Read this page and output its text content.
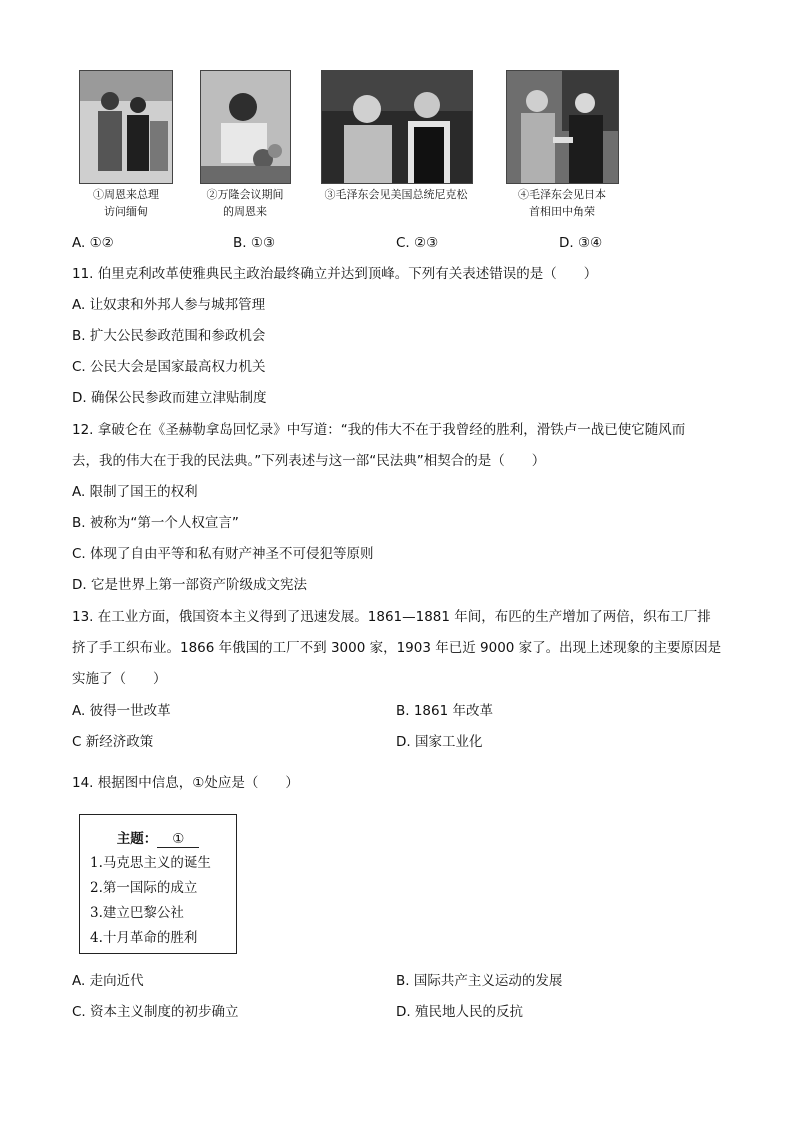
①周恩来总理
访问缅甸
②万隆会议期间
的周恩来
③毛泽东会见美国总统尼克松	④毛泽东会见日本
首相田中角荣
A. ①②	B. ①③	C. ②③	D. ③④
11. 伯里克利改革使雅典民主政治最终确立并达到顶峰。下列有关表述错误的是（　　）
A. 让奴隶和外邦人参与城邦管理
B. 扩大公民参政范围和参政机会
C. 公民大会是国家最高权力机关
D. 确保公民参政而建立津贴制度
12. 拿破仑在《圣赫勒拿岛回忆录》中写道：“我的伟大不在于我曾经的胜利，滑铁卢一战已使它随风而
去，我的伟大在于我的民法典。”下列表述与这一部“民法典”相契合的是（　　）
A. 限制了国王的权利
B. 被称为“第一个人权宣言”
C. 体现了自由平等和私有财产神圣不可侵犯等原则
D. 它是世界上第一部资产阶级成文宪法
13. 在工业方面，俄国资本主义得到了迅速发展。1861—1881 年间，布匹的生产增加了两倍，织布工厂排
挤了手工织布业。1866 年俄国的工厂不到 3000 家，1903 年已近 9000 家了。出现上述现象的主要原因是
实施了（　　）
A. 彼得一世改革	B. 1861 年改革
C 新经济政策	D. 国家工业化
14. 根据图中信息，①处应是（　　）
主题： ①
1.马克思主义的诞生
2.第一国际的成立
3.建立巴黎公社
4.十月革命的胜利
A. 走向近代	B. 国际共产主义运动的发展
C. 资本主义制度的初步确立	D. 殖民地人民的反抗
